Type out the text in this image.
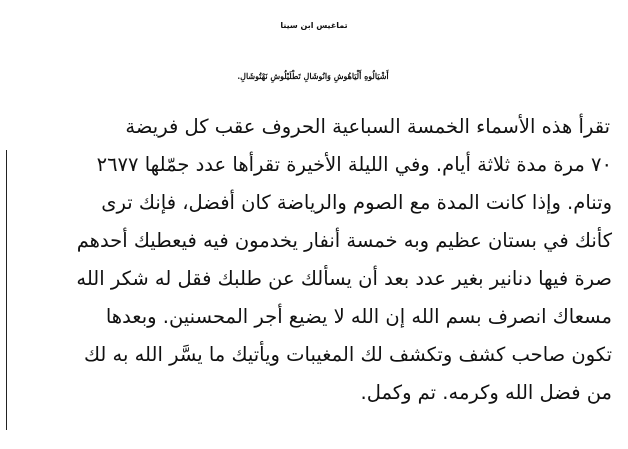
تماغيس ابن سينا
أَشْيَالُوهِ أَلْيَاهُوشِ وَانُوشَالِ تَطْلَيْلُوشِ نَهْتُوشَالِ.
تقرأ هذه الأسماء الخمسة السباعية الحروف عقب كل فريضة
٧٠ مرة مدة ثلاثة أيام. وفي الليلة الأخيرة تقرأها عدد جمّلها ٢٦٧٧
وتنام. وإذا كانت المدة مع الصوم والرياضة كان أفضل، فإنك ترى
كأنك في بستان عظيم وبه خمسة أنفار يخدمون فيه فيعطيك أحدهم
صرة فيها دنانير بغير عدد بعد أن يسألك عن طلبك فقل له شكر الله
مسعاك انصرف بسم الله إن الله لا يضيع أجر المحسنين. وبعدها
تكون صاحب كشف وتكشف لك المغيبات ويأتيك ما يسَّر الله به لك
من فضل الله وكرمه. تم وكمل.
